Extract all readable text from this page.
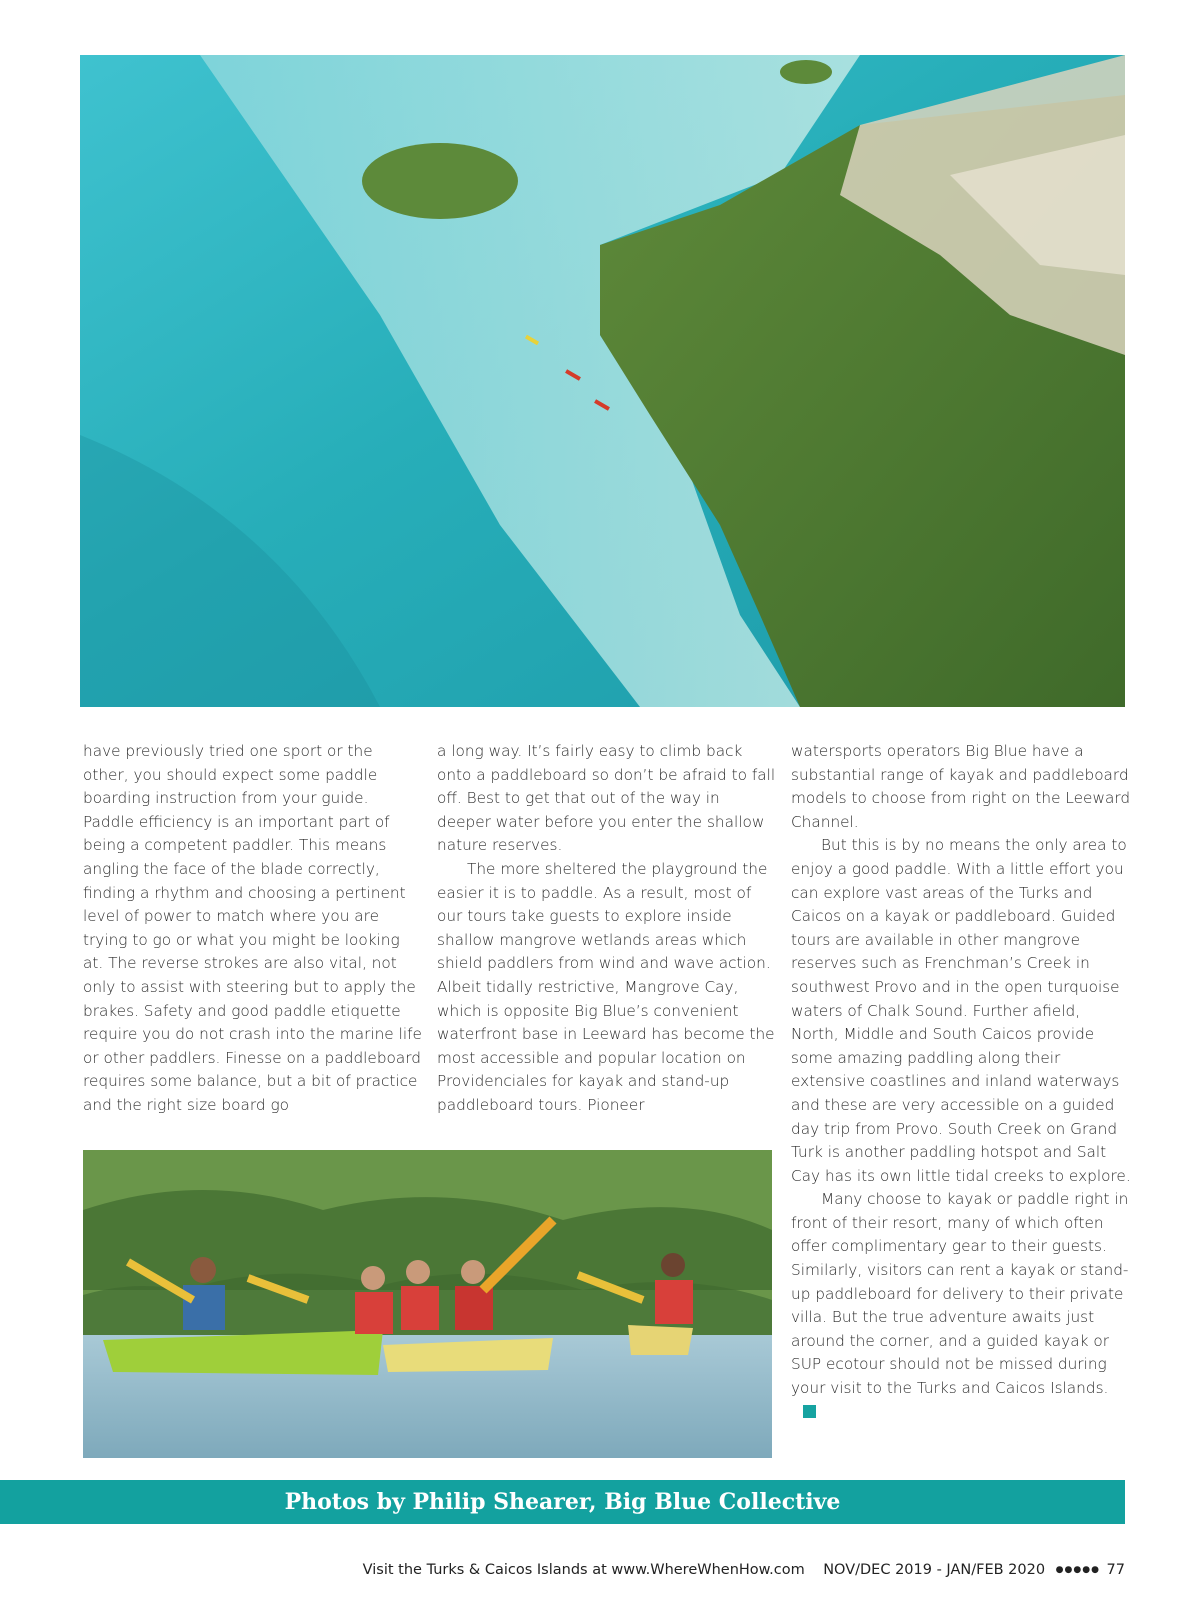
have previously tried one sport or the other, you should expect some paddle boarding instruction from your guide. Paddle efficiency is an important part of being a competent paddler. This means angling the face of the blade correctly, finding a rhythm and choosing a pertinent level of power to match where you are trying to go or what you might be looking at. The reverse strokes are also vital, not only to assist with steering but to apply the brakes. Safety and good paddle etiquette require you do not crash into the marine life or other paddlers. Finesse on a paddleboard requires some balance, but a bit of practice and the right size board go

a long way. It’s fairly easy to climb back onto a paddleboard so don’t be afraid to fall off. Best to get that out of the way in deeper water before you enter the shallow nature reserves.

The more sheltered the playground the easier it is to paddle. As a result, most of our tours take guests to explore inside shallow mangrove wetlands areas which shield paddlers from wind and wave action. Albeit tidally restrictive, Mangrove Cay, which is opposite Big Blue’s convenient waterfront base in Leeward has become the most accessible and popular location on Providenciales for kayak and stand-up paddleboard tours. Pioneer

watersports operators Big Blue have a substantial range of kayak and paddleboard models to choose from right on the Leeward Channel.

But this is by no means the only area to enjoy a good paddle. With a little effort you can explore vast areas of the Turks and Caicos on a kayak or paddleboard. Guided tours are available in other mangrove reserves such as Frenchman’s Creek in southwest Provo and in the open turquoise waters of Chalk Sound. Further afield, North, Middle and South Caicos provide some amazing paddling along their extensive coastlines and inland waterways and these are very accessible on a guided day trip from Provo. South Creek on Grand Turk is another paddling hotspot and Salt Cay has its own little tidal creeks to explore.

Many choose to kayak or paddle right in front of their resort, many of which often offer complimentary gear to their guests. Similarly, visitors can rent a kayak or stand-up paddleboard for delivery to their private villa. But the true adventure awaits just around the corner, and a guided kayak or SUP ecotour should not be missed during your visit to the Turks and Caicos Islands.

Photos by Philip Shearer, Big Blue Collective
Visit the Turks & Caicos Islands at www.WhereWhenHow.com NOV/DEC 2019 - JAN/FEB 2020 ●●●●● 77
